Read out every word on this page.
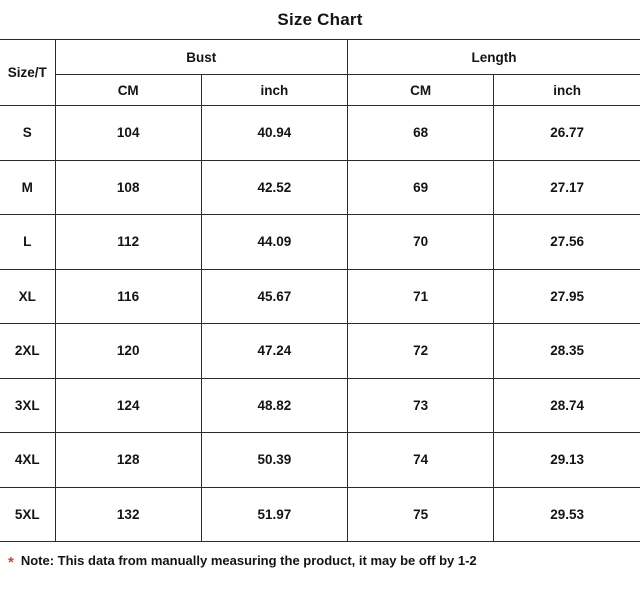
Size Chart
Size/T	Bust		Length	
	CM	inch	CM	inch
S	104	40.94	68	26.77
M	108	42.52	69	27.17
L	112	44.09	70	27.56
XL	116	45.67	71	27.95
2XL	120	47.24	72	28.35
3XL	124	48.82	73	28.74
4XL	128	50.39	74	29.13
5XL	132	51.97	75	29.53
* Note: This data from manually measuring the product, it may be off by 1-2
